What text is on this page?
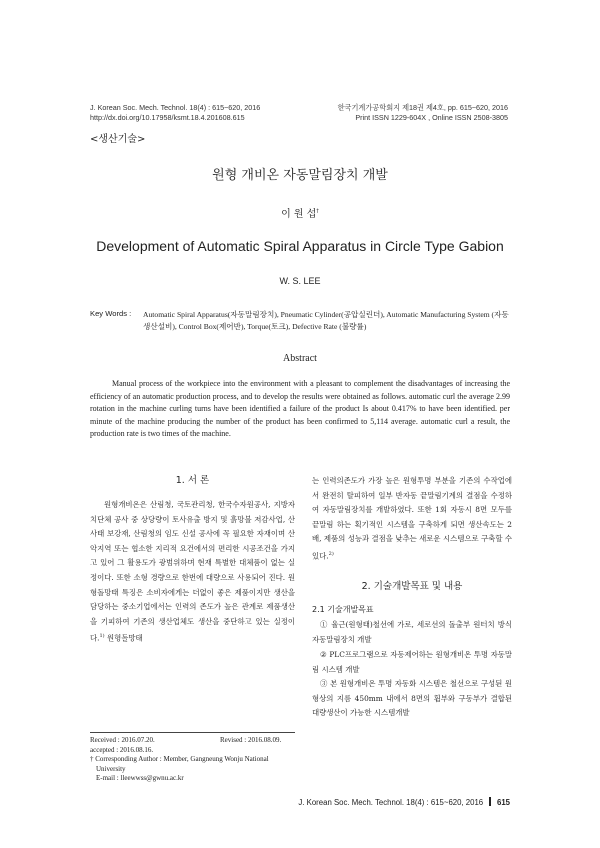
J. Korean Soc. Mech. Technol. 18(4) : 615~620, 2016
http://dx.doi.org/10.17958/ksmt.18.4.201608.615
한국기계가공학회지 제18권 제4호, pp. 615~620, 2016
Print ISSN 1229-604X , Online ISSN 2508-3805
<생산기술>
원형 개비온 자동말림장치 개발
이 원 섭†
Development of Automatic Spiral Apparatus in Circle Type Gabion
W. S. LEE
Key Words : Automatic Spiral Apparatus(자동말림장치), Pneumatic Cylinder(공압실린더), Automatic Manufacturing System (자동생산설비), Control Box(제어반), Torque(토크), Defective Rate (불량률)
Abstract
Manual process of the workpiece into the environment with a pleasant to complement the disadvantages of increasing the efficiency of an automatic production process, and to develop the results were obtained as follows. automatic curl the average 2.99 rotation in the machine curling turns have been identified a failure of the product Is about 0.417% to have been identified. per minute of the machine producing the number of the product has been confirmed to 5,114 average. automatic curl a result, the production rate is two times of the machine.
1. 서 론
원형개비온은 산림청, 국토관리청, 한국수자원공사, 지방자치단체 공사 중 상당량이 토사유출 방지 및 흙망블 저감사업, 산사태 보강재, 산림청의 임도 신설 공사에 꼭 필요한 자재이며 산악지역 또는 협소한 지리적 요건에서의 편리한 시공조건을 가지고 있어 그 활용도가 광범위하며 현재 특별한 대체품이 없는 실정이다. 또한 소형 경량으로 한번에 대량으로 사용되어 진다. 원형돌망태 특징은 소비자에게는 더없이 좋은 제품이지만 생산을 담당하는 중소기업에서는 인력의 존도가 높은 관계로 제품생산을 기피하여 기존의 생산업체도 생산을 중단하고 있는 실정이다.$^{1)}$ 원형돌망태
Received : 2016.07.20.	Revised : 2016.08.09.
accepted : 2016.08.16.
† Corresponding Author : Member, Gangneung Wonju National University
E-mail : lleewwss@gwnu.ac.kr
는 인력의존도가 가장 높은 원형투명 부분을 기존의 수작업에서 완전히 탈피하여 일부 반자동 끝말림기계의 결점을 수정하여 자동말림장치를 개발하였다. 또한 1회 자동시 8면 모두를 끝말림 하는 획기적인 시스템을 구축하게 되면 생산속도는 2배, 제품의 성능과 결점을 낮추는 새로운 시스템으로 구축할 수 있다.$^{2)}$
2. 기술개발목표 및 내용
2.1 기술개발목표
① 율근(원형태)철선에 가로, 세로선의 돌출부 원터치 방식 자동말림장치 개발
② PLC프로그램으로 자동제어하는 원형개비온 투명 자동말림 시스템 개발
③ 본 원형개비온 투명 자동화 시스템은 철선으로 구성된 원 형상의 지름 450mm 내에서 8면의 휨부와 구동부가 결합된 대량생산이 가능한 시스템개발
J. Korean Soc. Mech. Technol. 18(4) : 615~620, 2016 615
